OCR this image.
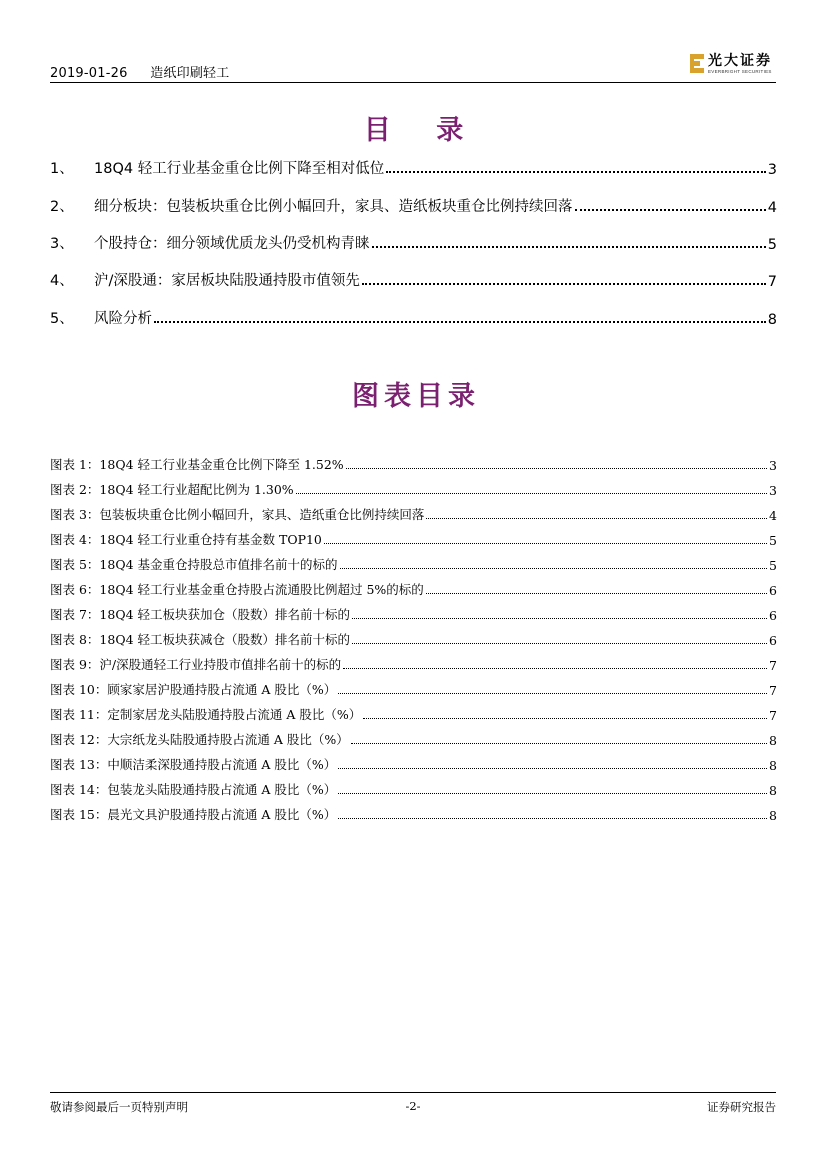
2019-01-26 造纸印刷轻工
光大证券
EVERBRIGHT SECURITIES
目 录
1、	18Q4 轻工行业基金重仓比例下降至相对低位	3
2、	细分板块：包装板块重仓比例小幅回升，家具、造纸板块重仓比例持续回落	4
3、	个股持仓：细分领域优质龙头仍受机构青睐	5
4、	沪/深股通：家居板块陆股通持股市值领先	7
5、	风险分析	8
图表目录
图表 1：18Q4 轻工行业基金重仓比例下降至 1.52%	3
图表 2：18Q4 轻工行业超配比例为 1.30%	3
图表 3：包装板块重仓比例小幅回升，家具、造纸重仓比例持续回落	4
图表 4：18Q4 轻工行业重仓持有基金数 TOP10	5
图表 5：18Q4 基金重仓持股总市值排名前十的标的	5
图表 6：18Q4 轻工行业基金重仓持股占流通股比例超过 5%的标的	6
图表 7：18Q4 轻工板块获加仓（股数）排名前十标的	6
图表 8：18Q4 轻工板块获减仓（股数）排名前十标的	6
图表 9：沪/深股通轻工行业持股市值排名前十的标的	7
图表 10：顾家家居沪股通持股占流通 A 股比（%）	7
图表 11：定制家居龙头陆股通持股占流通 A 股比（%）	7
图表 12：大宗纸龙头陆股通持股占流通 A 股比（%）	8
图表 13：中顺洁柔深股通持股占流通 A 股比（%）	8
图表 14：包装龙头陆股通持股占流通 A 股比（%）	8
图表 15：晨光文具沪股通持股占流通 A 股比（%）	8
敬请参阅最后一页特别声明	-2-	证券研究报告
